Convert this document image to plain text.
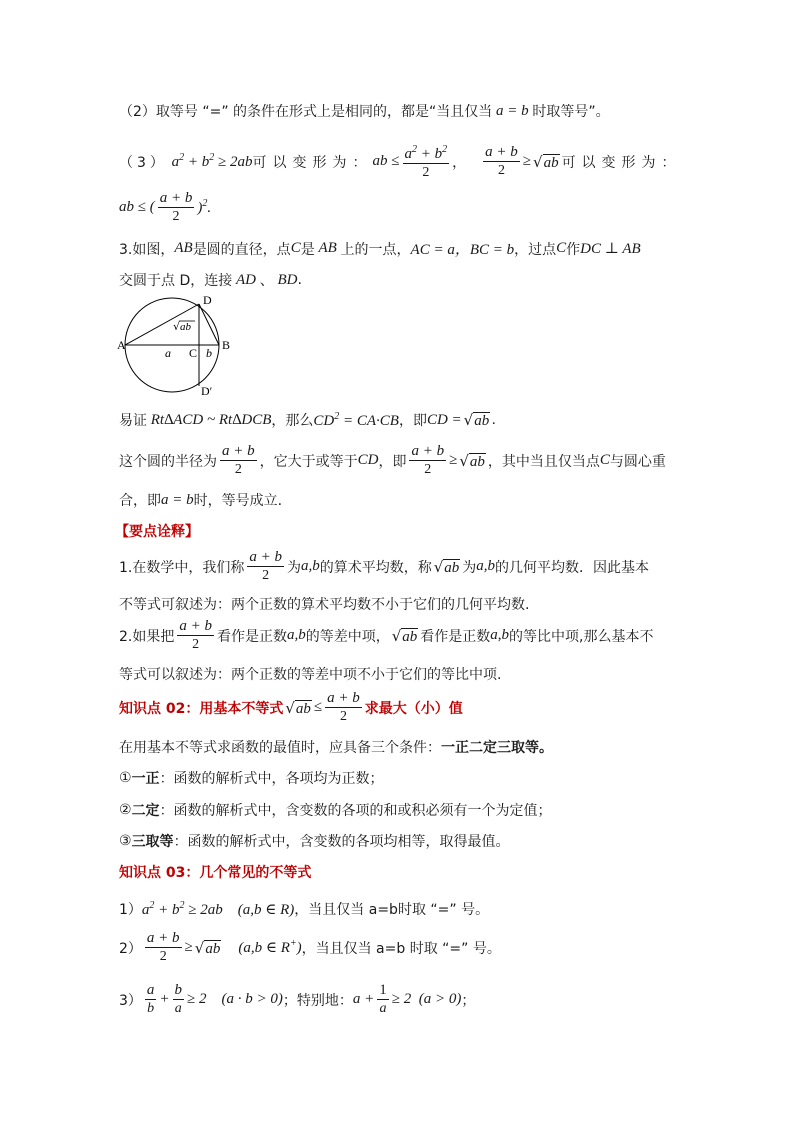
（2）取等号 “=” 的条件在形式上是相同的，都是“当且仅当 a = b 时取等号”。
（3） $a^2 + b^2 \ge 2ab$ 可以变形为： ab ≤ $\frac{a^2 + b^2}{2}$ ， $\frac{a + b}{2}$ ≥ √ ab 可以变形为：
ab ≤ ( $\frac{a + b}{2} )^2$.
3.如图， AB 是圆的直径，点 C 是 AB 上的一点， AC = a，BC = b ，过点 C 作 DC ⊥ AB
交圆于点 D，连接 AD 、 BD .
A	B
C
D
D′
a	b
√ab
易证 Rt∆ACD ~ Rt∆DCB ，那么 $CD^2 = CA\cdot CB$ ，即 CD = √ ab .
这个圆的半径为 $\frac{a + b}{2}$ ，它大于或等于 CD ，即 $\frac{a + b}{2}$ ≥ √ ab ，其中当且仅当点 C 与圆心重
合，即 a = b 时，等号成立.
【要点诠释】
1.在数学中，我们称 $\frac{a + b}{2}$ 为 a,b 的算术平均数，称 √ ab 为 a,b 的几何平均数．因此基本
不等式可叙述为：两个正数的算术平均数不小于它们的几何平均数.
2.如果把 $\frac{a + b}{2}$ 看作是正数 a,b 的等差中项， √ ab 看作是正数 a,b 的等比中项,那么基本不
等式可以叙述为：两个正数的等差中项不小于它们的等比中项.
知识点 02：用基本不等式 √ ab ≤ $\frac{a + b}{2}$ 求最大（小）值
在用基本不等式求函数的最值时，应具备三个条件： 一正二定三取等。
① 一正 ：函数的解析式中，各项均为正数；
② 二定 ：函数的解析式中，含变数的各项的和或积必须有一个为定值；
③ 三取等 ：函数的解析式中，含变数的各项均相等，取得最值。
知识点 03：几个常见的不等式
1） $a^2 + b^2 \ge 2ab$    (a,b ∈ R) ，当且仅当 a=b时取 “=” 号。
$2) \frac{a + b}{2}$ ≥ √ ab (a,b ∈ R+) ，当且仅当 a=b 时取 “=” 号。
$3) \frac{a}{b} + \frac{b}{a} \ge 2$    (a · b > 0) ；特别地： $a + \frac{1}{a} \ge 2$  (a > 0) ；
